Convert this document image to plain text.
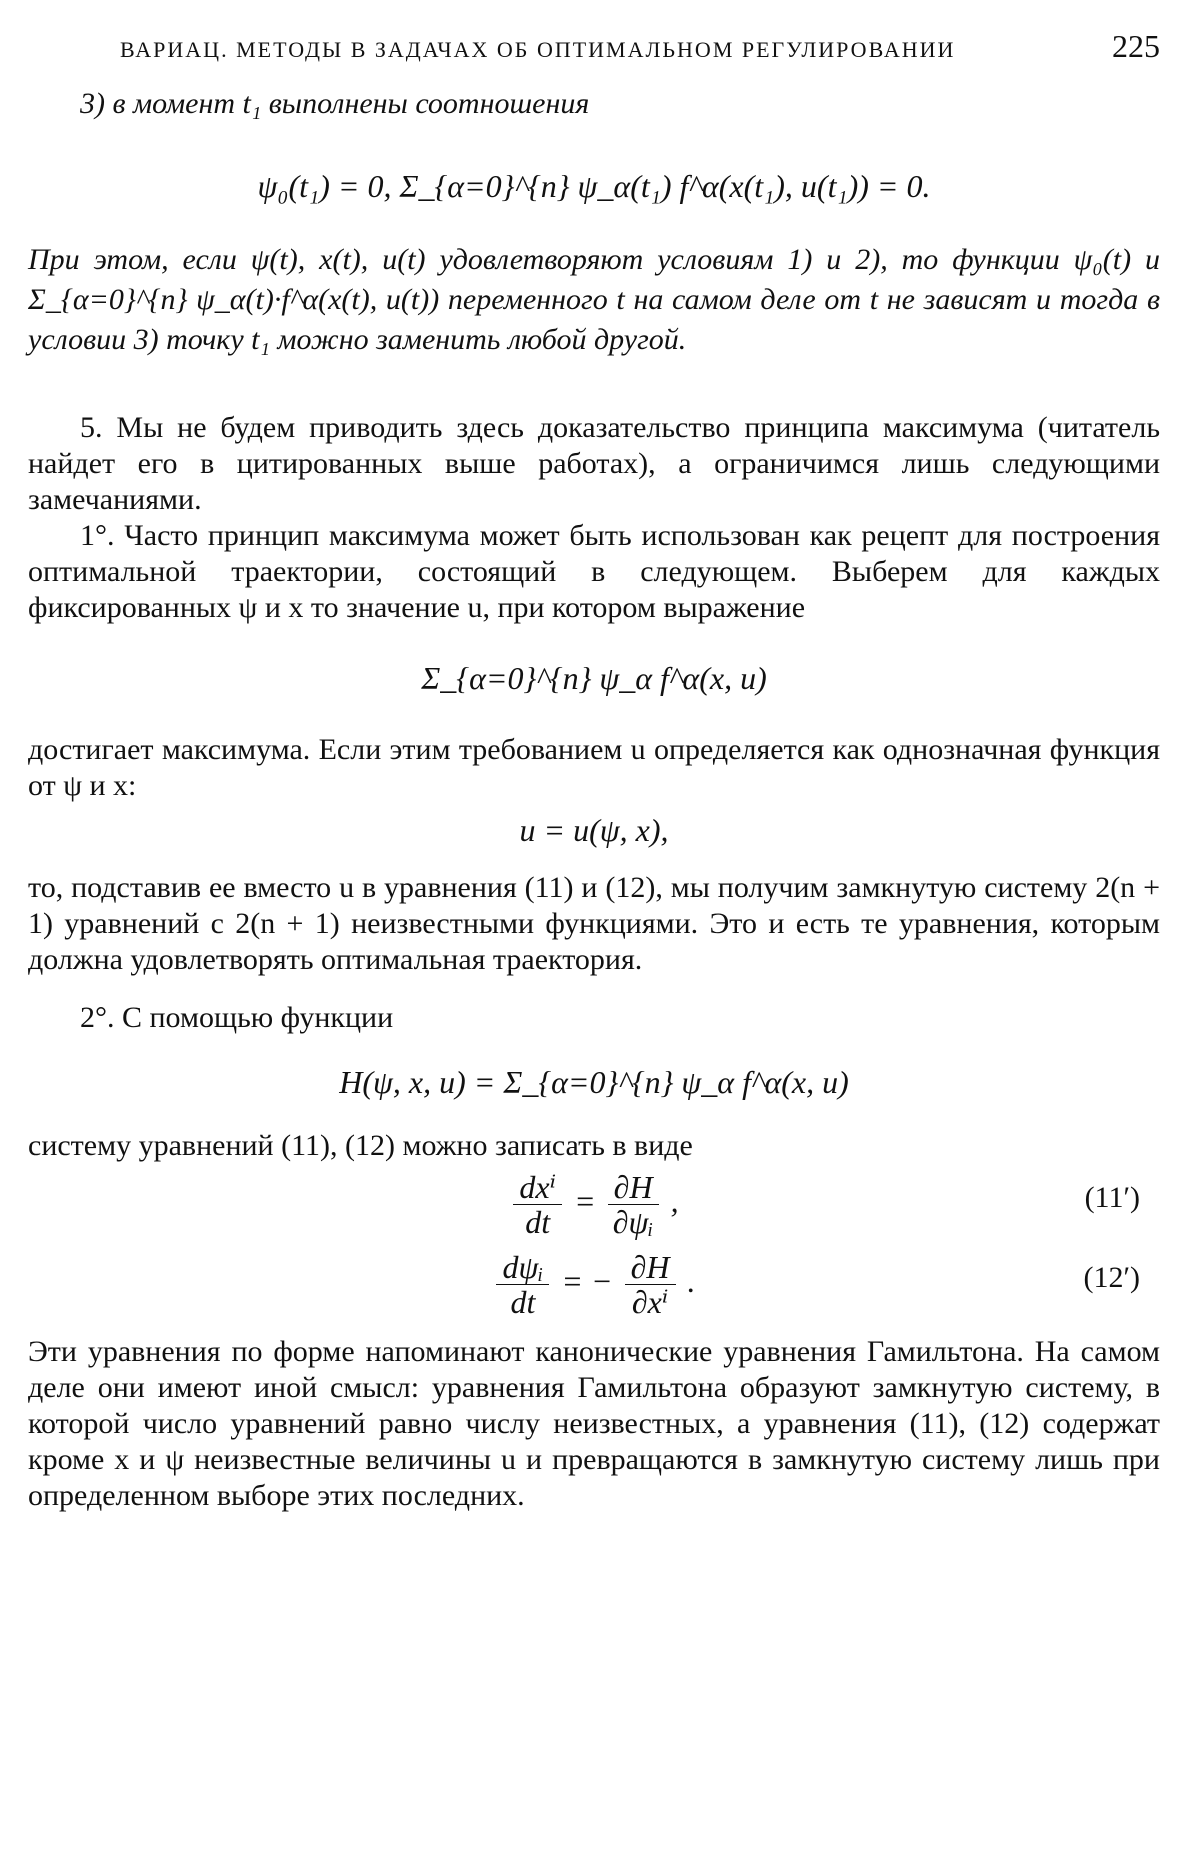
ВАРИАЦ. МЕТОДЫ В ЗАДАЧАХ ОБ ОПТИМАЛЬНОМ РЕГУЛИРОВАНИИ	225
3) в момент t₁ выполнены соотношения
ψ₀(t₁) = 0, Σ_{α=0}^{n} ψ_α(t₁) f^α(x(t₁), u(t₁)) = 0.
При этом, если ψ(t), x(t), u(t) удовлетворяют условиям 1) и 2), то функции ψ₀(t) и Σ_{α=0}^{n} ψ_α(t)·f^α(x(t), u(t)) переменного t на самом деле от t не зависят и тогда в условии 3) точку t₁ можно заменить любой другой.
5. Мы не будем приводить здесь доказательство принципа максимума (читатель найдет его в цитированных выше работах), а ограничимся лишь следующими замечаниями.
1°. Часто принцип максимума может быть использован как рецепт для построения оптимальной траектории, состоящий в следующем. Выберем для каждых фиксированных ψ и x то значение u, при котором выражение
Σ_{α=0}^{n} ψ_α f^α(x, u)
достигает максимума. Если этим требованием u определяется как однозначная функция от ψ и x:
u = u(ψ, x),
то, подставив ее вместо u в уравнения (11) и (12), мы получим замкнутую систему 2(n + 1) уравнений с 2(n + 1) неизвестными функциями. Это и есть те уравнения, которым должна удовлетворять оптимальная траектория.
2°. С помощью функции
H(ψ, x, u) = Σ_{α=0}^{n} ψ_α f^α(x, u)
систему уравнений (11), (12) можно записать в виде
$\frac{\text{dxⁱ}}{dt} = \frac{\partial H}{\text{∂ψᵢ}}$ ,	(11′)
$\frac{\text{dψᵢ}}{dt}$ = − $\frac{\partial H}{\text{∂xⁱ}}$ .	(12′)
Эти уравнения по форме напоминают канонические уравнения Гамильтона. На самом деле они имеют иной смысл: уравнения Гамильтона образуют замкнутую систему, в которой число уравнений равно числу неизвестных, а уравнения (11), (12) содержат кроме x и ψ неизвестные величины u и превращаются в замкнутую систему лишь при определенном выборе этих последних.
